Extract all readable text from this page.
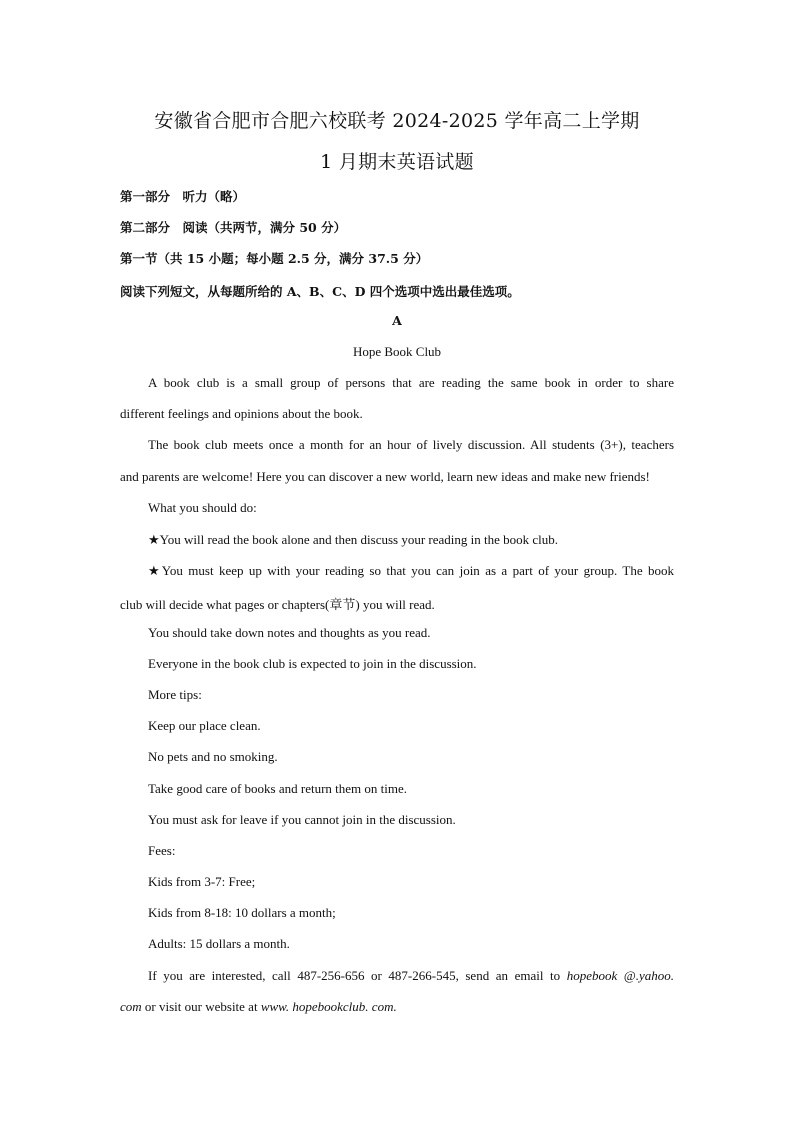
安徽省合肥市合肥六校联考 2024-2025 学年高二上学期
1 月期末英语试题
第一部分　听力（略）
第二部分　阅读（共两节，满分 50 分）
第一节（共 15 小题；每小题 2.5 分，满分 37.5 分）
阅读下列短文，从每题所给的 A、B、C、D 四个选项中选出最佳选项。
A
Hope Book Club
A book club is a small group of persons that are reading the same book in order to share
different feelings and opinions about the book.
The book club meets once a month for an hour of lively discussion. All students (3+), teachers
and parents are welcome! Here you can discover a new world, learn new ideas and make new friends!
What you should do:
★You will read the book alone and then discuss your reading in the book club.
★You must keep up with your reading so that you can join as a part of your group. The book
club will decide what pages or chapters(章节) you will read.
You should take down notes and thoughts as you read.
Everyone in the book club is expected to join in the discussion.
More tips:
Keep our place clean.
No pets and no smoking.
Take good care of books and return them on time.
You must ask for leave if you cannot join in the discussion.
Fees:
Kids from 3-7: Free;
Kids from 8-18: 10 dollars a month;
Adults: 15 dollars a month.
If you are interested, call 487-256-656 or 487-266-545, send an email to hopebook @.yahoo.
com or visit our website at www. hopebookclub. com.
